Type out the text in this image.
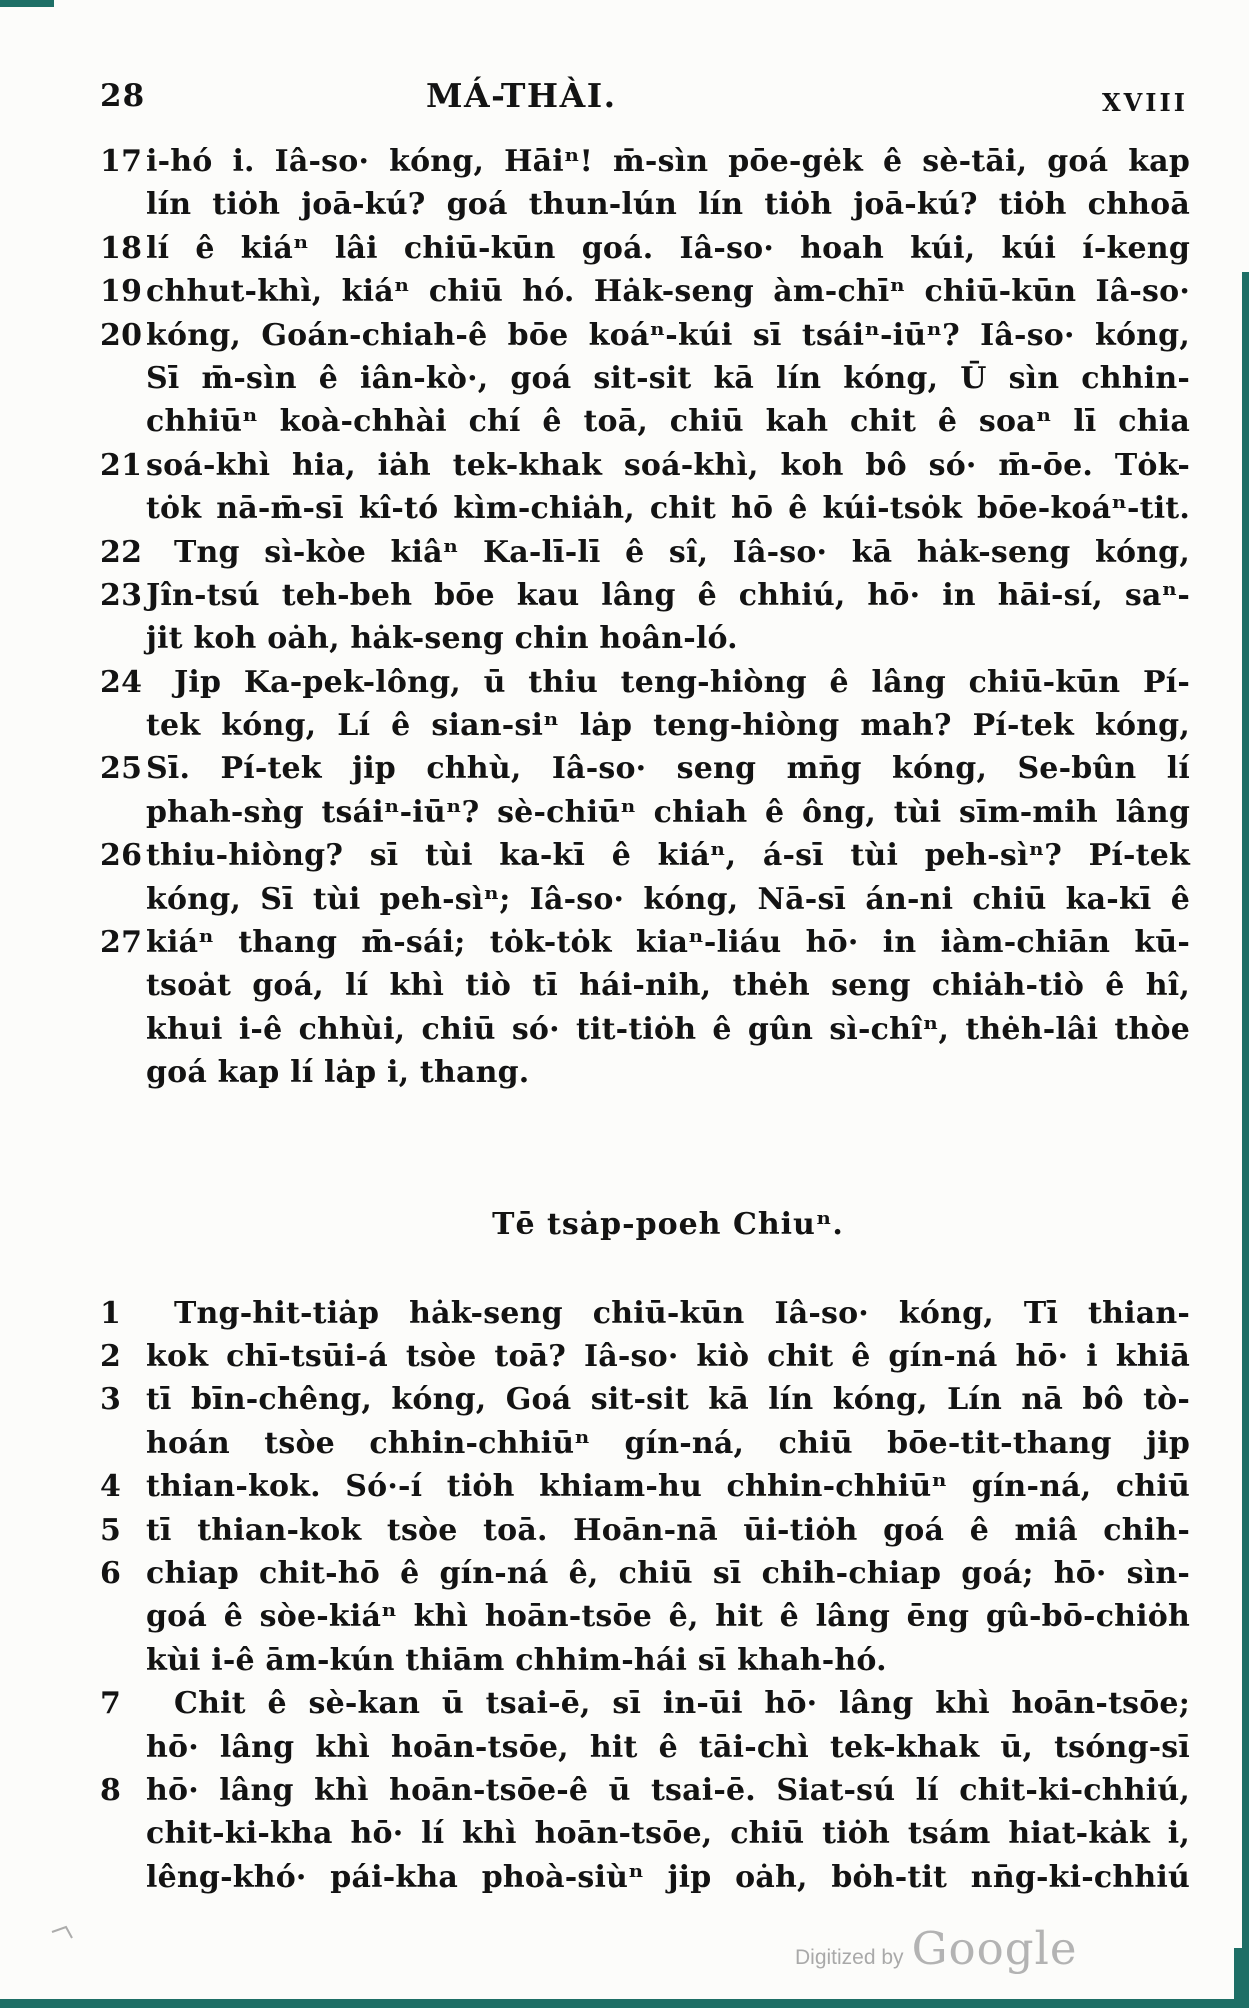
28	MÁ-THÀI.	XVIII
17 i-hó i. Iâ-so· kóng, Hāiⁿ! m̄-sìn pōe-gėk ê sè-tāi, goá kap
lín tiȯh joā-kú? goá thun-lún lín tiȯh joā-kú? tiȯh chhoā
18 lí ê kiáⁿ lâi chiū-kūn goá. Iâ-so· hoah kúi, kúi í-keng
19 chhut-khì, kiáⁿ chiū hó. Hȧk-seng àm-chīⁿ chiū-kūn Iâ-so·
20 kóng, Goán-chiah-ê bōe koáⁿ-kúi sī tsáiⁿ-iūⁿ? Iâ-so· kóng,
Sī m̄-sìn ê iân-kò·, goá sit-sit kā lín kóng, Ū sìn chhin-
chhiūⁿ koà-chhài chí ê toā, chiū kah chit ê soaⁿ lī chia
21 soá-khì hia, iȧh tek-khak soá-khì, koh bô só· m̄-ōe. Tȯk-
tȯk nā-m̄-sī kî-tó kìm-chiȧh, chit hō ê kúi-tsȯk bōe-koáⁿ-tit.
22	Tng sì-kòe kiâⁿ Ka-lī-lī ê sî, Iâ-so· kā hȧk-seng kóng,
23 Jîn-tsú teh-beh bōe kau lâng ê chhiú, hō· in hāi-sí, saⁿ-
jit koh oȧh, hȧk-seng chin hoân-ló.
24	Jip Ka-pek-lông, ū thiu teng-hiòng ê lâng chiū-kūn Pí-
tek kóng, Lí ê sian-siⁿ lȧp teng-hiòng mah? Pí-tek kóng,
25 Sī. Pí-tek jip chhù, Iâ-so· seng mn̄g kóng, Se-bûn lí
phah-sǹg tsáiⁿ-iūⁿ? sè-chiūⁿ chiah ê ông, tùi sīm-mih lâng
26 thiu-hiòng? sī tùi ka-kī ê kiáⁿ, á-sī tùi peh-sìⁿ? Pí-tek
kóng, Sī tùi peh-sìⁿ; Iâ-so· kóng, Nā-sī án-ni chiū ka-kī ê
27 kiáⁿ thang m̄-sái; tȯk-tȯk kiaⁿ-liáu hō· in iàm-chiān kū-
tsoȧt goá, lí khì tiò tī hái-nih, thėh seng chiȧh-tiò ê hî,
khui i-ê chhùi, chiū só· tit-tiȯh ê gûn sì-chîⁿ, thėh-lâi thòe
goá kap lí lȧp i, thang.
Tē tsȧp-poeh Chiuⁿ.
1	Tng-hit-tiȧp hȧk-seng chiū-kūn Iâ-so· kóng, Tī thian-
2 kok chī-tsūi-á tsòe toā? Iâ-so· kiò chit ê gín-ná hō· i khiā
3 tī bīn-chêng, kóng, Goá sit-sit kā lín kóng, Lín nā bô tò-
hoán tsòe chhin-chhiūⁿ gín-ná, chiū bōe-tit-thang jip
4 thian-kok. Só·-í tiȯh khiam-hu chhin-chhiūⁿ gín-ná, chiū
5 tī thian-kok tsòe toā. Hoān-nā ūi-tiȯh goá ê miâ chih-
6 chiap chit-hō ê gín-ná ê, chiū sī chih-chiap goá; hō· sìn-
goá ê sòe-kiáⁿ khì hoān-tsōe ê, hit ê lâng ēng gû-bō-chiȯh
kùi i-ê ām-kún thiām chhim-hái sī khah-hó.
7	Chit ê sè-kan ū tsai-ē, sī in-ūi hō· lâng khì hoān-tsōe;
hō· lâng khì hoān-tsōe, hit ê tāi-chì tek-khak ū, tsóng-sī
8 hō· lâng khì hoān-tsōe-ê ū tsai-ē. Siat-sú lí chit-ki-chhiú,
chit-ki-kha hō· lí khì hoān-tsōe, chiū tiȯh tsám hiat-kȧk i,
lêng-khó· pái-kha phoà-siùⁿ jip oȧh, bȯh-tit nn̄g-ki-chhiú
Digitized by Google
